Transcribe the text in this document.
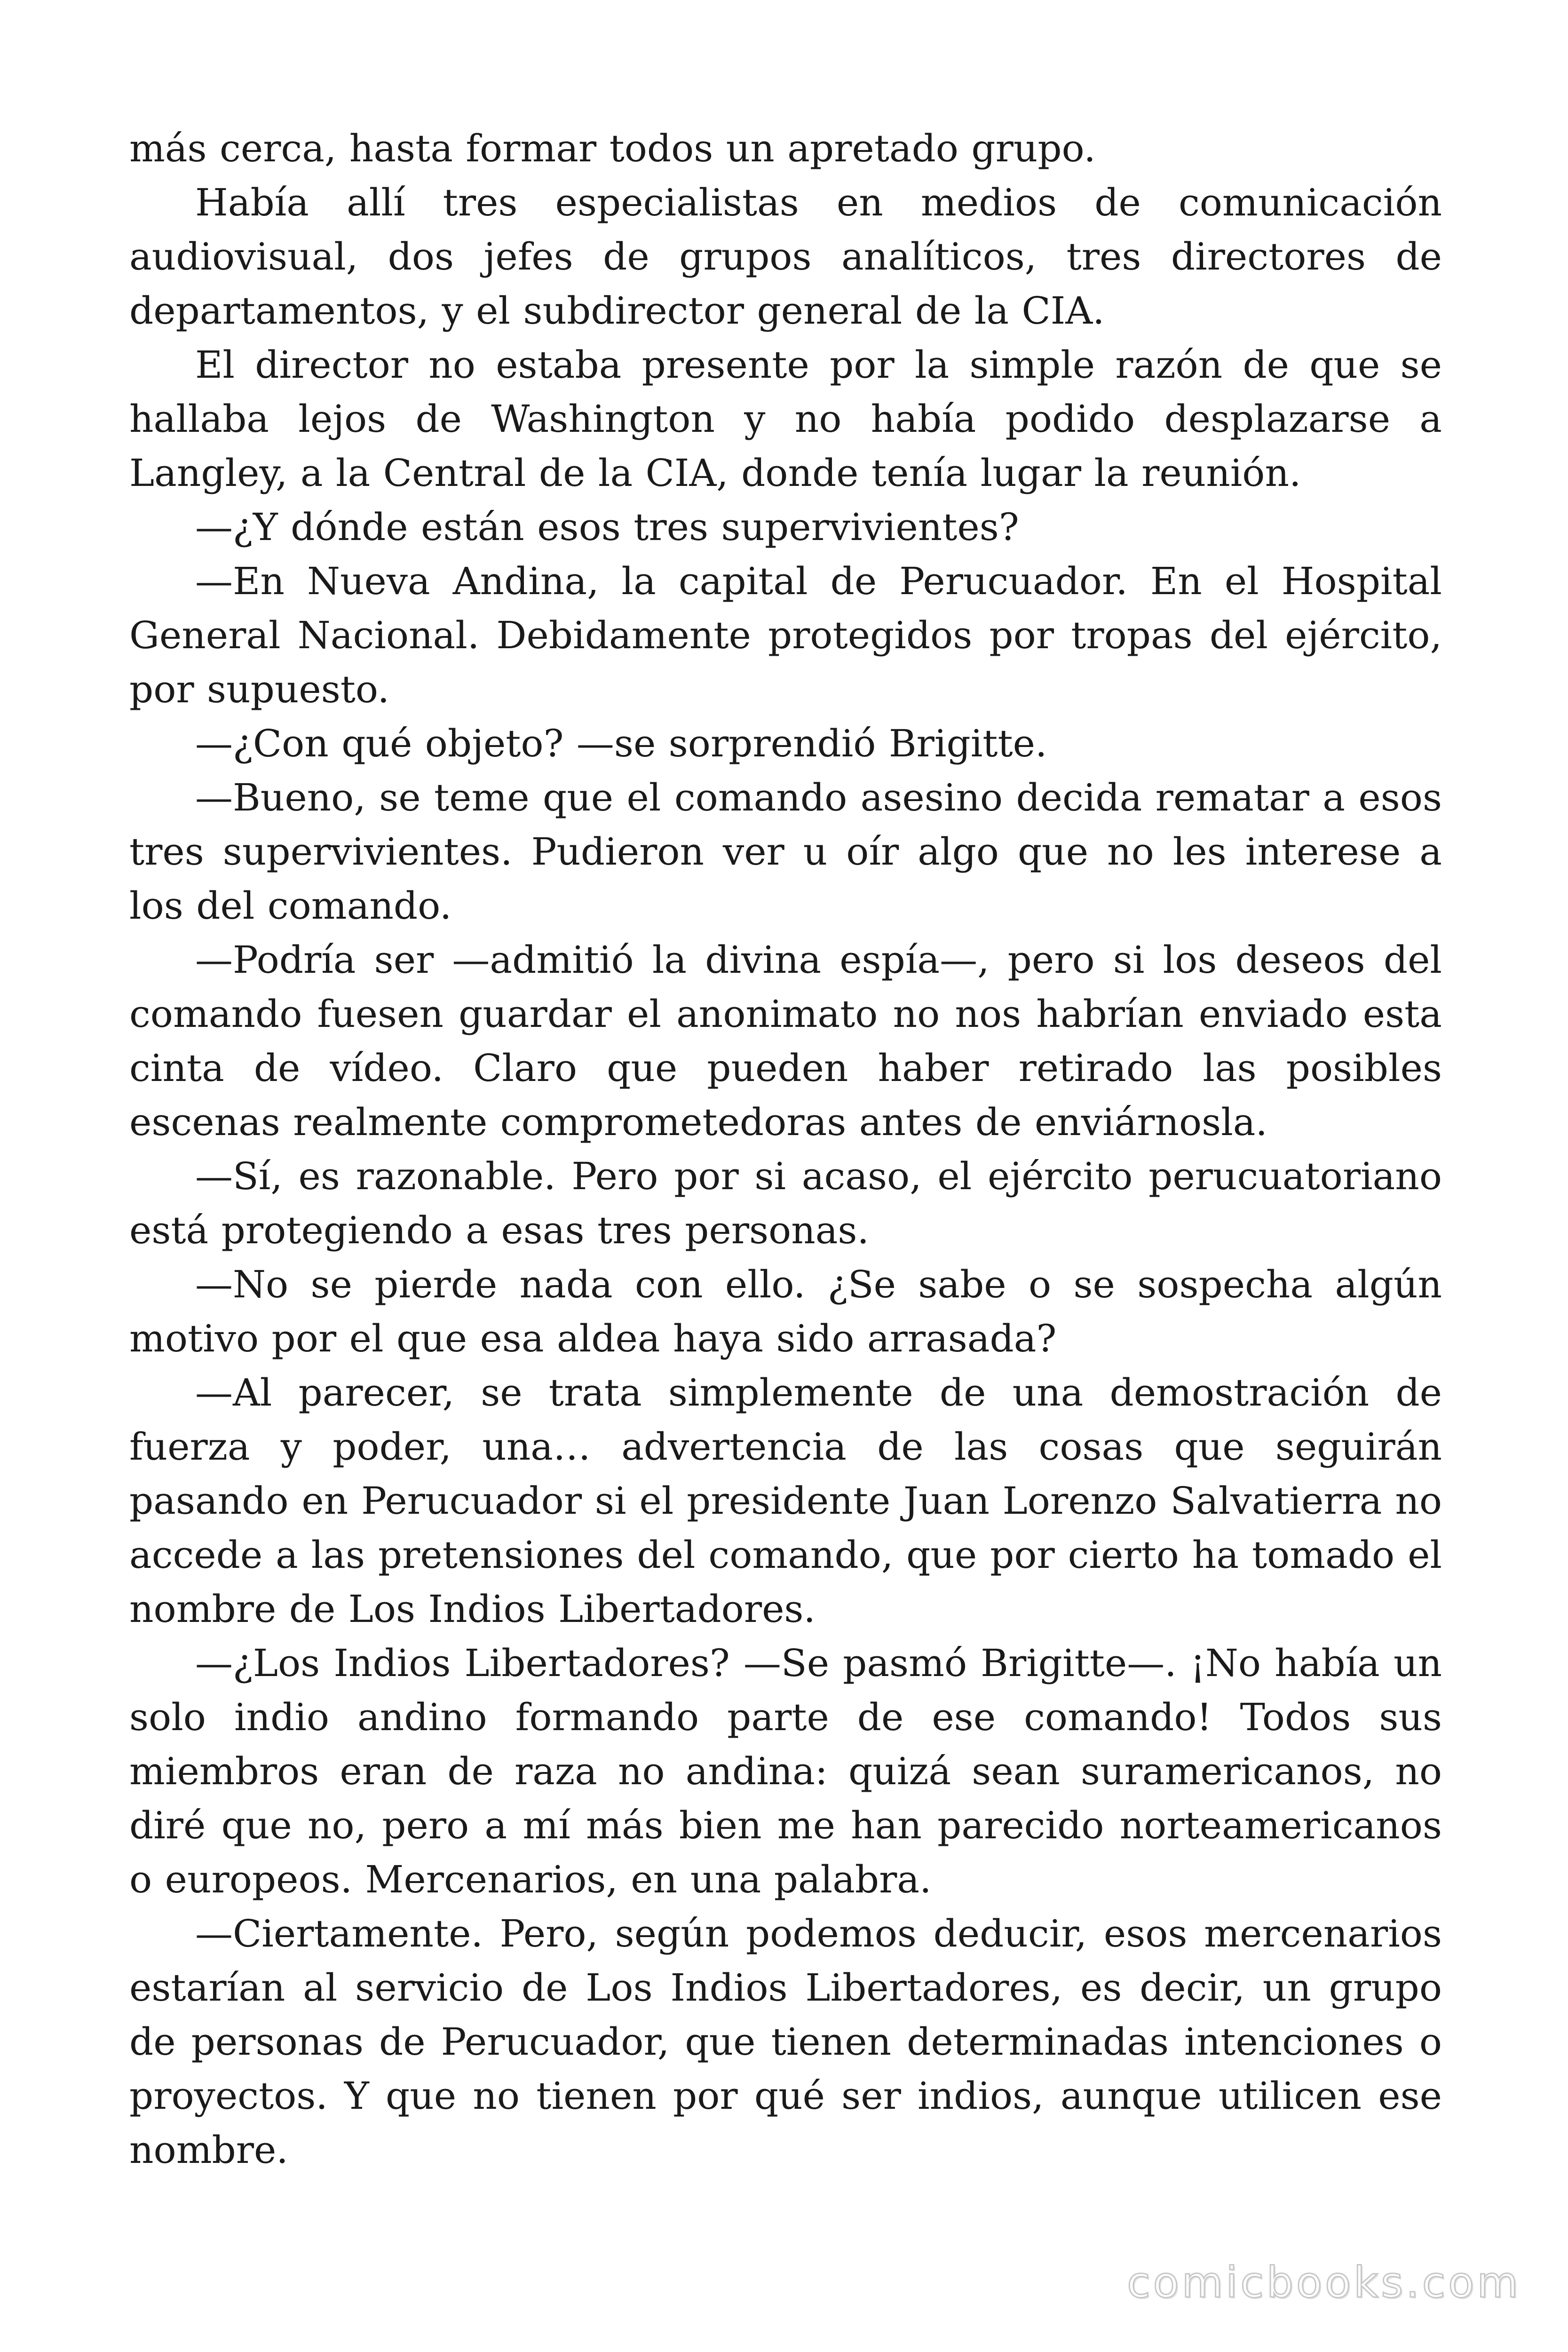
más cerca, hasta formar todos un apretado grupo.

Había allí tres especialistas en medios de comunicación audiovisual, dos jefes de grupos analíticos, tres directores de departamentos, y el subdirector general de la CIA.

El director no estaba presente por la simple razón de que se hallaba lejos de Washington y no había podido desplazarse a Langley, a la Central de la CIA, donde tenía lugar la reunión.

—¿Y dónde están esos tres supervivientes?

—En Nueva Andina, la capital de Perucuador. En el Hospital General Nacional. Debidamente protegidos por tropas del ejército, por supuesto.

—¿Con qué objeto? —se sorprendió Brigitte.

—Bueno, se teme que el comando asesino decida rematar a esos tres supervivientes. Pudieron ver u oír algo que no les interese a los del comando.

—Podría ser —admitió la divina espía—, pero si los deseos del comando fuesen guardar el anonimato no nos habrían enviado esta cinta de vídeo. Claro que pueden haber retirado las posibles escenas realmente comprometedoras antes de enviárnosla.

—Sí, es razonable. Pero por si acaso, el ejército perucuatoriano está protegiendo a esas tres personas.

—No se pierde nada con ello. ¿Se sabe o se sospecha algún motivo por el que esa aldea haya sido arrasada?

—Al parecer, se trata simplemente de una demostración de fuerza y poder, una… advertencia de las cosas que seguirán pasando en Perucuador si el presidente Juan Lorenzo Salvatierra no accede a las pretensiones del comando, que por cierto ha tomado el nombre de Los Indios Libertadores.

—¿Los Indios Libertadores? —Se pasmó Brigitte—. ¡No había un solo indio andino formando parte de ese comando! Todos sus miembros eran de raza no andina: quizá sean suramericanos, no diré que no, pero a mí más bien me han parecido norteamericanos o europeos. Mercenarios, en una palabra.

—Ciertamente. Pero, según podemos deducir, esos mercenarios estarían al servicio de Los Indios Libertadores, es decir, un grupo de personas de Perucuador, que tienen determinadas intenciones o proyectos. Y que no tienen por qué ser indios, aunque utilicen ese nombre.

comicbooks.com
